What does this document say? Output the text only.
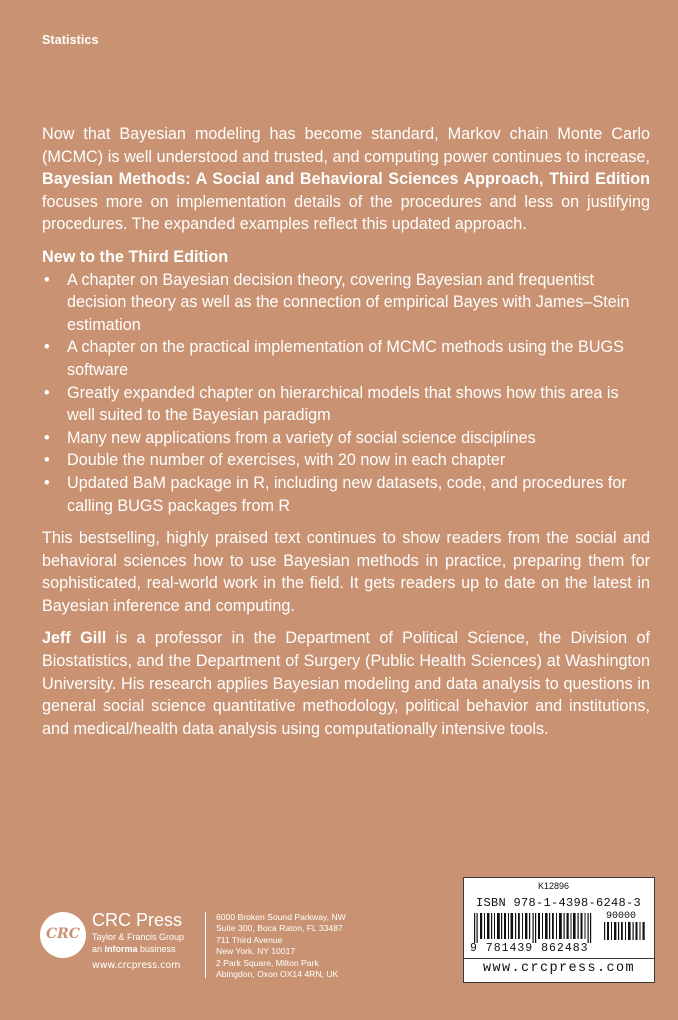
Statistics

Now that Bayesian modeling has become standard, Markov chain Monte Carlo (MCMC) is well understood and trusted, and computing power continues to increase, Bayesian Methods: A Social and Behavioral Sciences Approach, Third Edition focuses more on implementation details of the procedures and less on justifying procedures. The expanded examples reflect this updated approach.

New to the Third Edition
• A chapter on Bayesian decision theory, covering Bayesian and frequentist decision theory as well as the connection of empirical Bayes with James–Stein estimation
• A chapter on the practical implementation of MCMC methods using the BUGS software
• Greatly expanded chapter on hierarchical models that shows how this area is well suited to the Bayesian paradigm
• Many new applications from a variety of social science disciplines
• Double the number of exercises, with 20 now in each chapter
• Updated BaM package in R, including new datasets, code, and procedures for calling BUGS packages from R

This bestselling, highly praised text continues to show readers from the social and behavioral sciences how to use Bayesian methods in practice, preparing them for sophisticated, real-world work in the field. It gets readers up to date on the latest in Bayesian inference and computing.

Jeff Gill is a professor in the Department of Political Science, the Division of Biostatistics, and the Department of Surgery (Public Health Sciences) at Washington University. His research applies Bayesian modeling and data analysis to questions in general social science quantitative methodology, political behavior and institutions, and medical/health data analysis using computationally intensive tools.

CRC
CRC Press
Taylor & Francis Group
an informa business
www.crcpress.com
6000 Broken Sound Parkway, NW
Suite 300, Boca Raton, FL 33487
711 Third Avenue
New York, NY 10017
2 Park Square, Milton Park
Abingdon, Oxon OX14 4RN, UK
K12896
ISBN 978-1-4398-6248-3
90000
9 781439 862483
www.crcpress.com
